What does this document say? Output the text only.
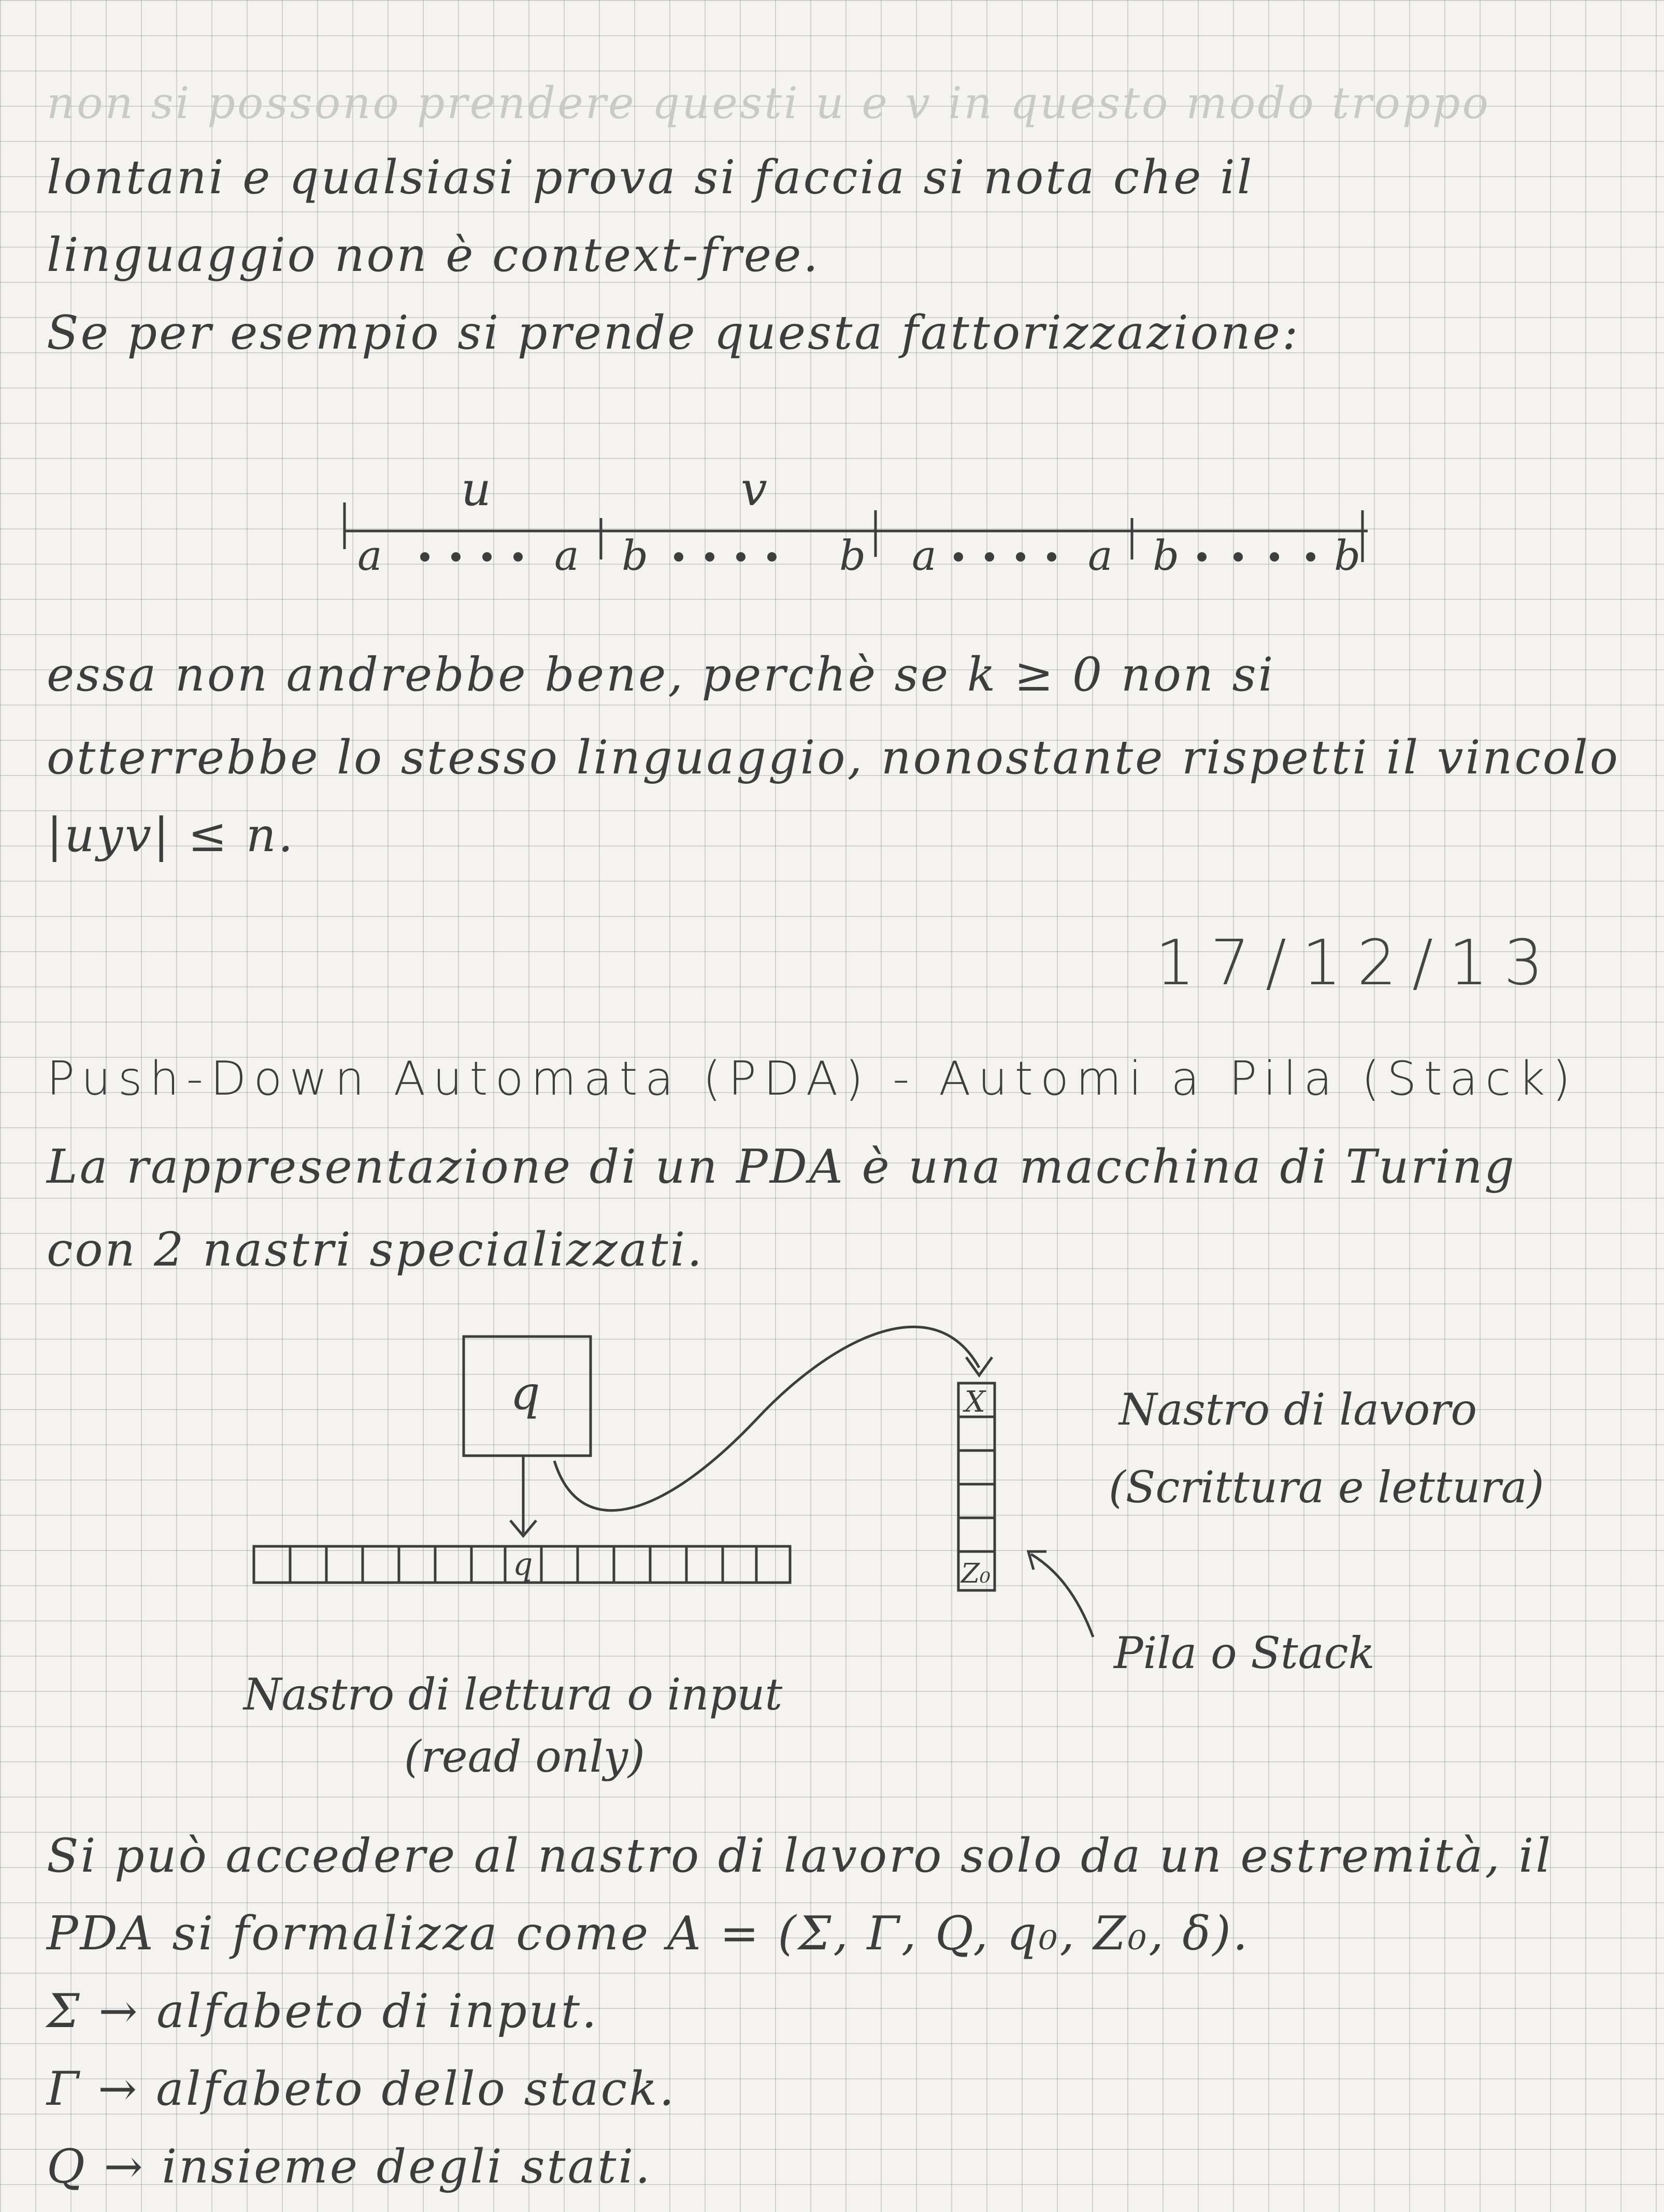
non si possono prendere questi u e v in questo modo troppo
lontani e qualsiasi prova si faccia si nota che il
linguaggio non è context-free.
Se per esempio si prende questa fattorizzazione:
u	v
a	a b	b a	a b	b
essa non andrebbe bene, perchè se k ≥ 0 non si
otterrebbe lo stesso linguaggio, nonostante rispetti il vincolo
|uyv| ≤ n.
17/12/13
Push-Down Automata (PDA) - Automi a Pila (Stack)
La rappresentazione di un PDA è una macchina di Turing
con 2 nastri specializzati.
q
q
X
Z₀
Nastro di lavoro
(Scrittura e lettura)
Pila o Stack
Nastro di lettura o input
(read only)
Si può accedere al nastro di lavoro solo da un estremità, il
PDA si formalizza come A = (Σ, Γ, Q, q₀, Z₀, δ).
Σ → alfabeto di input.
Γ → alfabeto dello stack.
Q → insieme degli stati.
